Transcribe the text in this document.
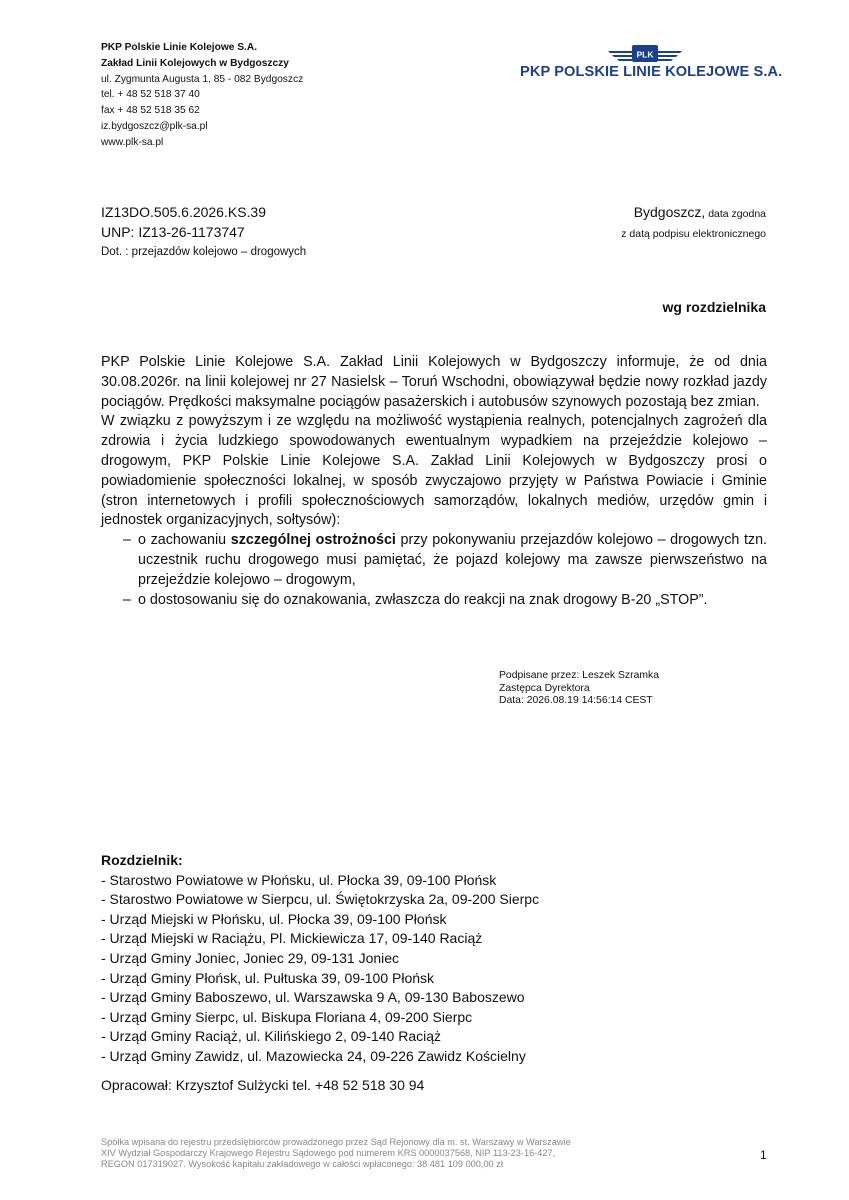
PKP Polskie Linie Kolejowe S.A.
Zakład Linii Kolejowych w Bydgoszczy
ul. Zygmunta Augusta 1, 85 - 082 Bydgoszcz
tel. + 48 52 518 37 40
fax + 48 52 518 35 62
iz.bydgoszcz@plk-sa.pl
www.plk-sa.pl
PLK
PKP POLSKIE LINIE KOLEJOWE S.A.
IZ13DO.505.6.2026.KS.39
UNP: IZ13-26-1173747
Dot. : przejazdów kolejowo – drogowych
Bydgoszcz, data zgodna
z datą podpisu elektronicznego
wg rozdzielnika

PKP Polskie Linie Kolejowe S.A. Zakład Linii Kolejowych w Bydgoszczy informuje, że od dnia 30.08.2026r. na linii kolejowej nr 27 Nasielsk – Toruń Wschodni, obowiązywał będzie nowy rozkład jazdy pociągów. Prędkości maksymalne pociągów pasażerskich i autobusów szynowych pozostają bez zmian.

W związku z powyższym i ze względu na możliwość wystąpienia realnych, potencjalnych zagrożeń dla zdrowia i życia ludzkiego spowodowanych ewentualnym wypadkiem na przejeździe kolejowo – drogowym, PKP Polskie Linie Kolejowe S.A. Zakład Linii Kolejowych w Bydgoszczy prosi o powiadomienie społeczności lokalnej, w sposób zwyczajowo przyjęty w Państwa Powiacie i Gminie (stron internetowych i profili społecznościowych samorządów, lokalnych mediów, urzędów gmin i jednostek organizacyjnych, sołtysów):

– o zachowaniu szczególnej ostrożności przy pokonywaniu przejazdów kolejowo – drogowych tzn. uczestnik ruchu drogowego musi pamiętać, że pojazd kolejowy ma zawsze pierwszeństwo na przejeździe kolejowo – drogowym,
– o dostosowaniu się do oznakowania, zwłaszcza do reakcji na znak drogowy B-20 „STOP”.
Podpisane przez: Leszek Szramka
Zastępca Dyrektora
Data: 2026.08.19 14:56:14 CEST
Rozdzielnik:
- Starostwo Powiatowe w Płońsku, ul. Płocka 39, 09-100 Płońsk
- Starostwo Powiatowe w Sierpcu, ul. Świętokrzyska 2a, 09-200 Sierpc
- Urząd Miejski w Płońsku, ul. Płocka 39, 09-100 Płońsk
- Urząd Miejski w Raciążu, Pl. Mickiewicza 17, 09-140 Raciąż
- Urząd Gminy Joniec, Joniec 29, 09-131 Joniec
- Urząd Gminy Płońsk, ul. Pułtuska 39, 09-100 Płońsk
- Urząd Gminy Baboszewo, ul. Warszawska 9 A, 09-130 Baboszewo
- Urząd Gminy Sierpc, ul. Biskupa Floriana 4, 09-200 Sierpc
- Urząd Gminy Raciąż, ul. Kilińskiego 2, 09-140 Raciąż
- Urząd Gminy Zawidz, ul. Mazowiecka 24, 09-226 Zawidz Kościelny
Opracował: Krzysztof Sulżycki tel. +48 52 518 30 94
Spółka wpisana do rejestru przedsiębiorców prowadzonego przez Sąd Rejonowy dla m. st. Warszawy w Warszawie
XIV Wydział Gospodarczy Krajowego Rejestru Sądowego pod numerem KRS 0000037568, NIP 113-23-16-427,
REGON 017319027. Wysokość kapitału zakładowego w całości wpłaconego: 38 481 109 000,00 zł
1
